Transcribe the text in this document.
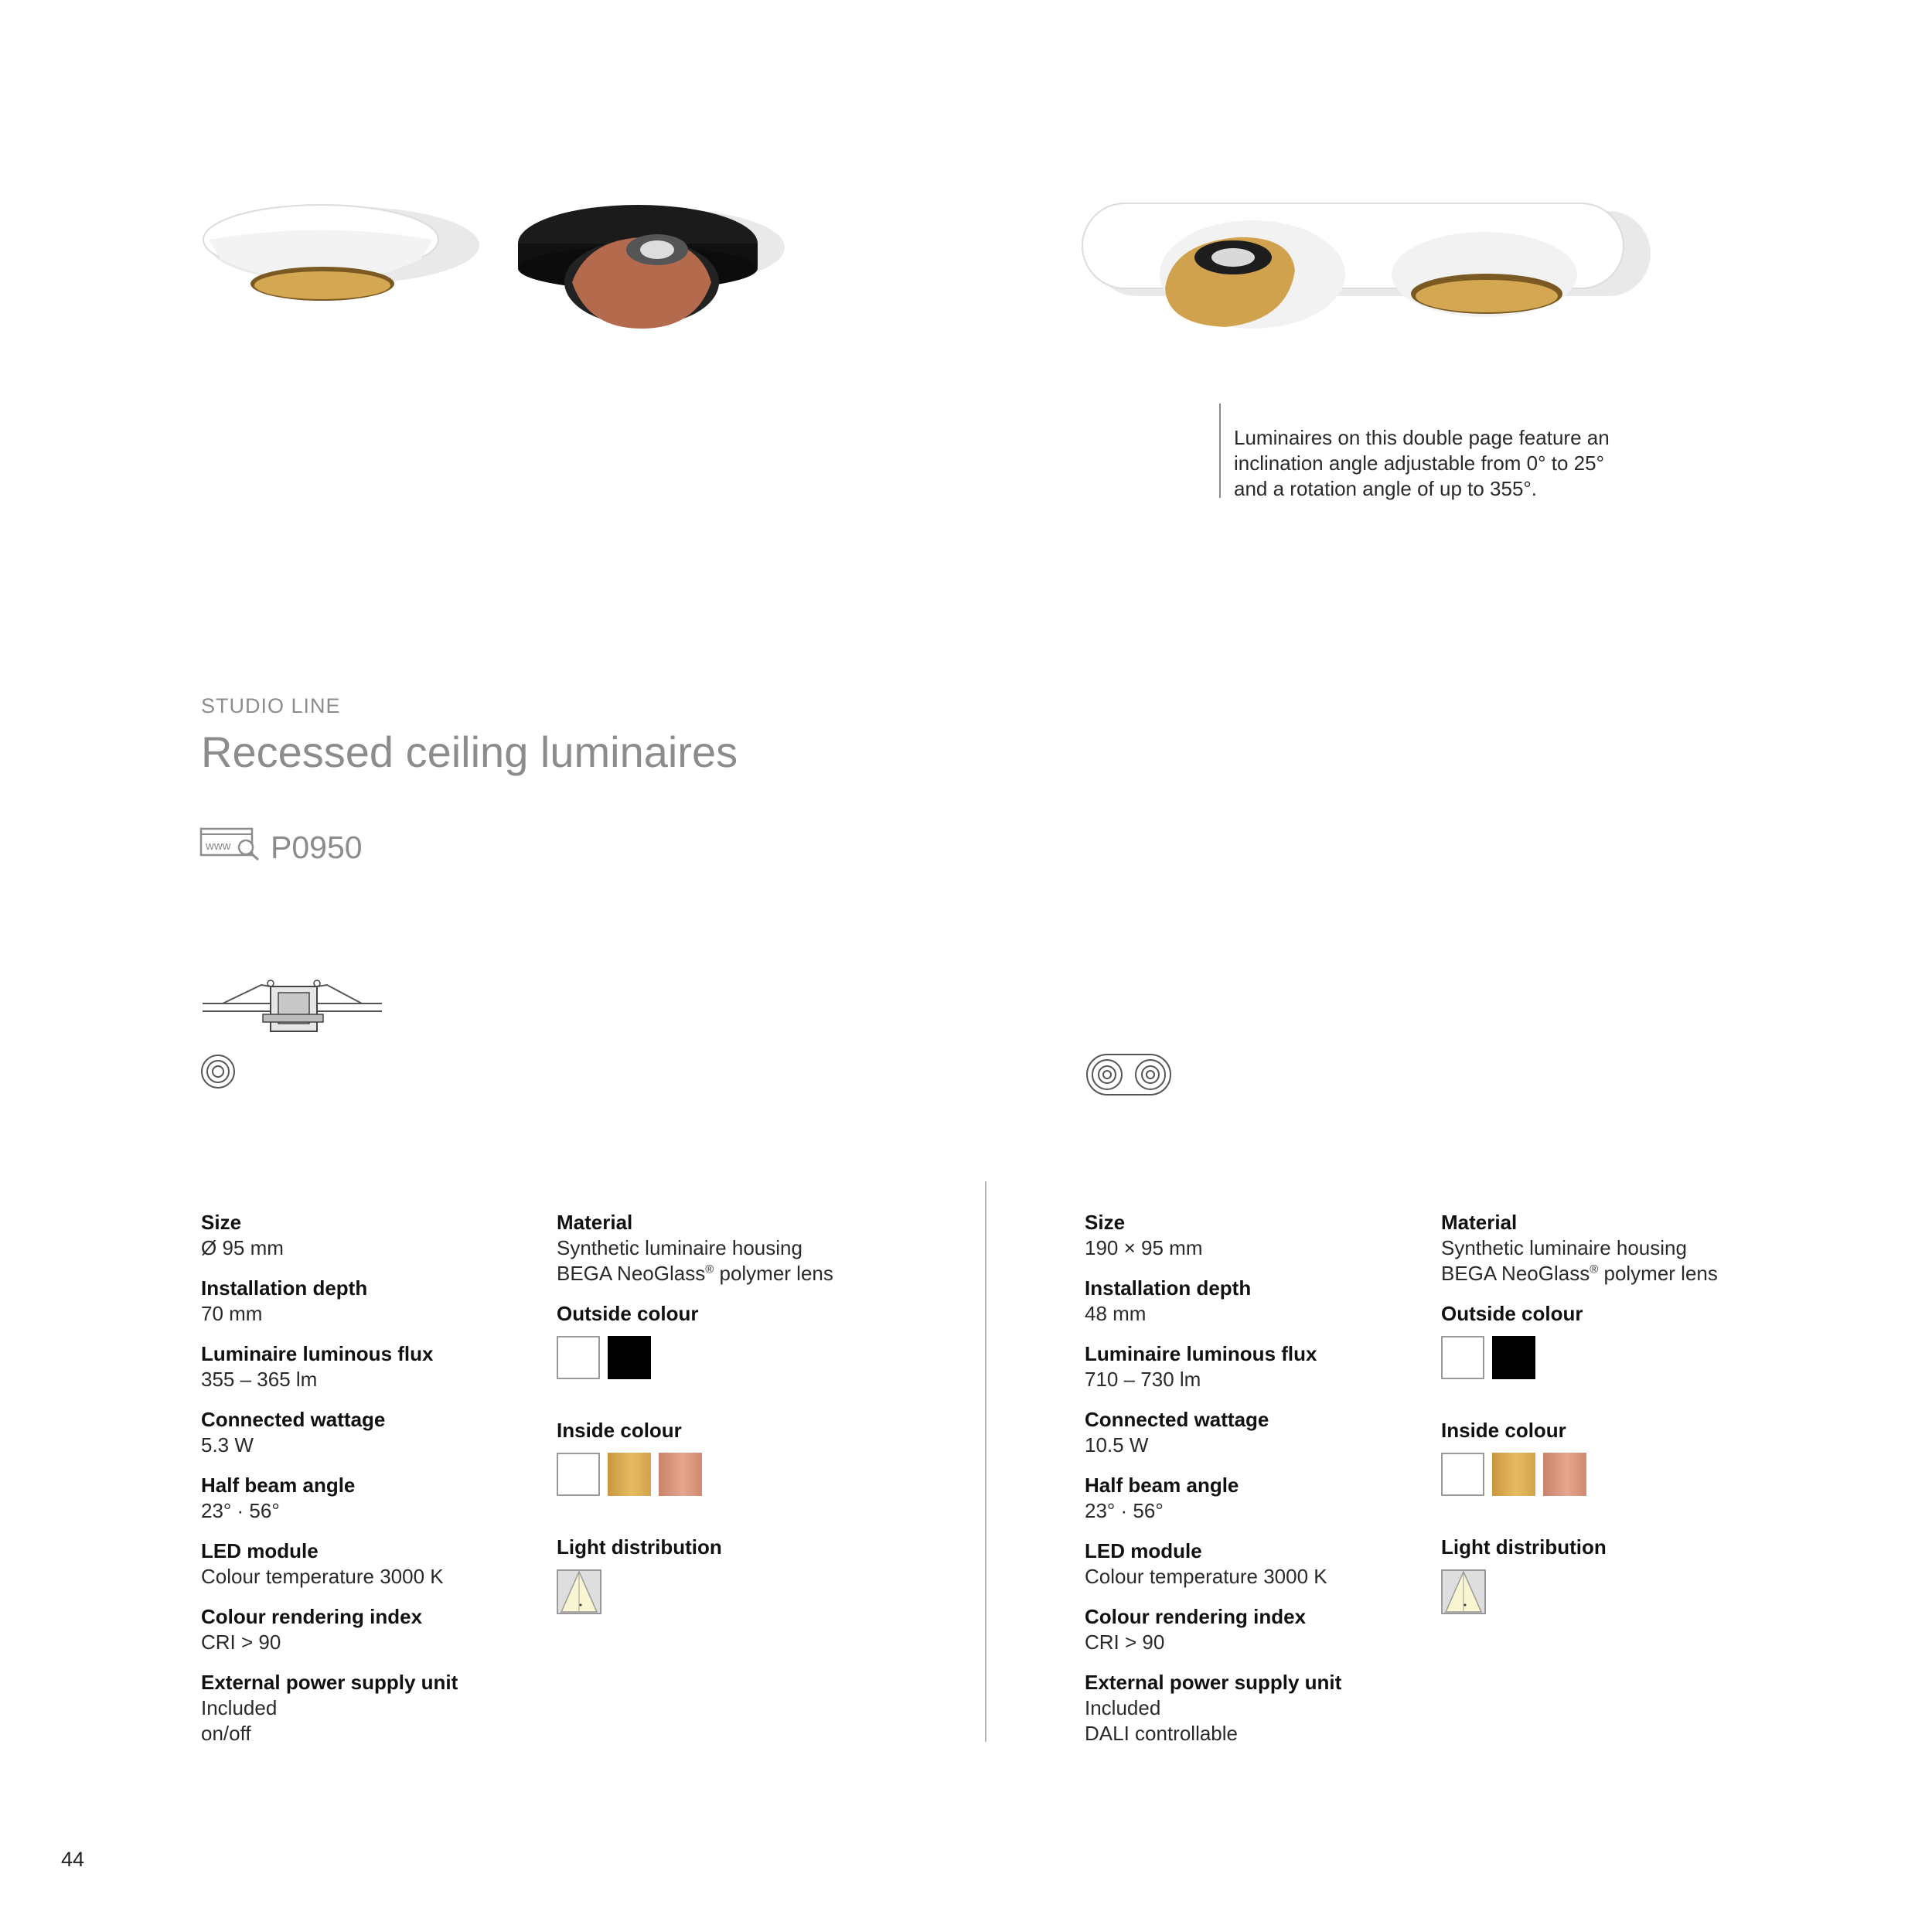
Luminaires on this double page feature an
inclination angle adjustable from 0° to 25°
and a rotation angle of up to 355°.
STUDIO LINE
Recessed ceiling luminaires
www P0950
Size
Ø 95 mm
Installation depth
70 mm
Luminaire luminous flux
355 – 365 lm
Connected wattage
5.3 W
Half beam angle
23° · 56°
LED module
Colour temperature 3000 K
Colour rendering index
CRI > 90
External power supply unit
Included
on/off
Material
Synthetic luminaire housing
BEGA NeoGlass® polymer lens
Outside colour
Inside colour
Light distribution
Size
190 × 95 mm
Installation depth
48 mm
Luminaire luminous flux
710 – 730 lm
Connected wattage
10.5 W
Half beam angle
23° · 56°
LED module
Colour temperature 3000 K
Colour rendering index
CRI > 90
External power supply unit
Included
DALI controllable
Material
Synthetic luminaire housing
BEGA NeoGlass® polymer lens
Outside colour
Inside colour
Light distribution
44
